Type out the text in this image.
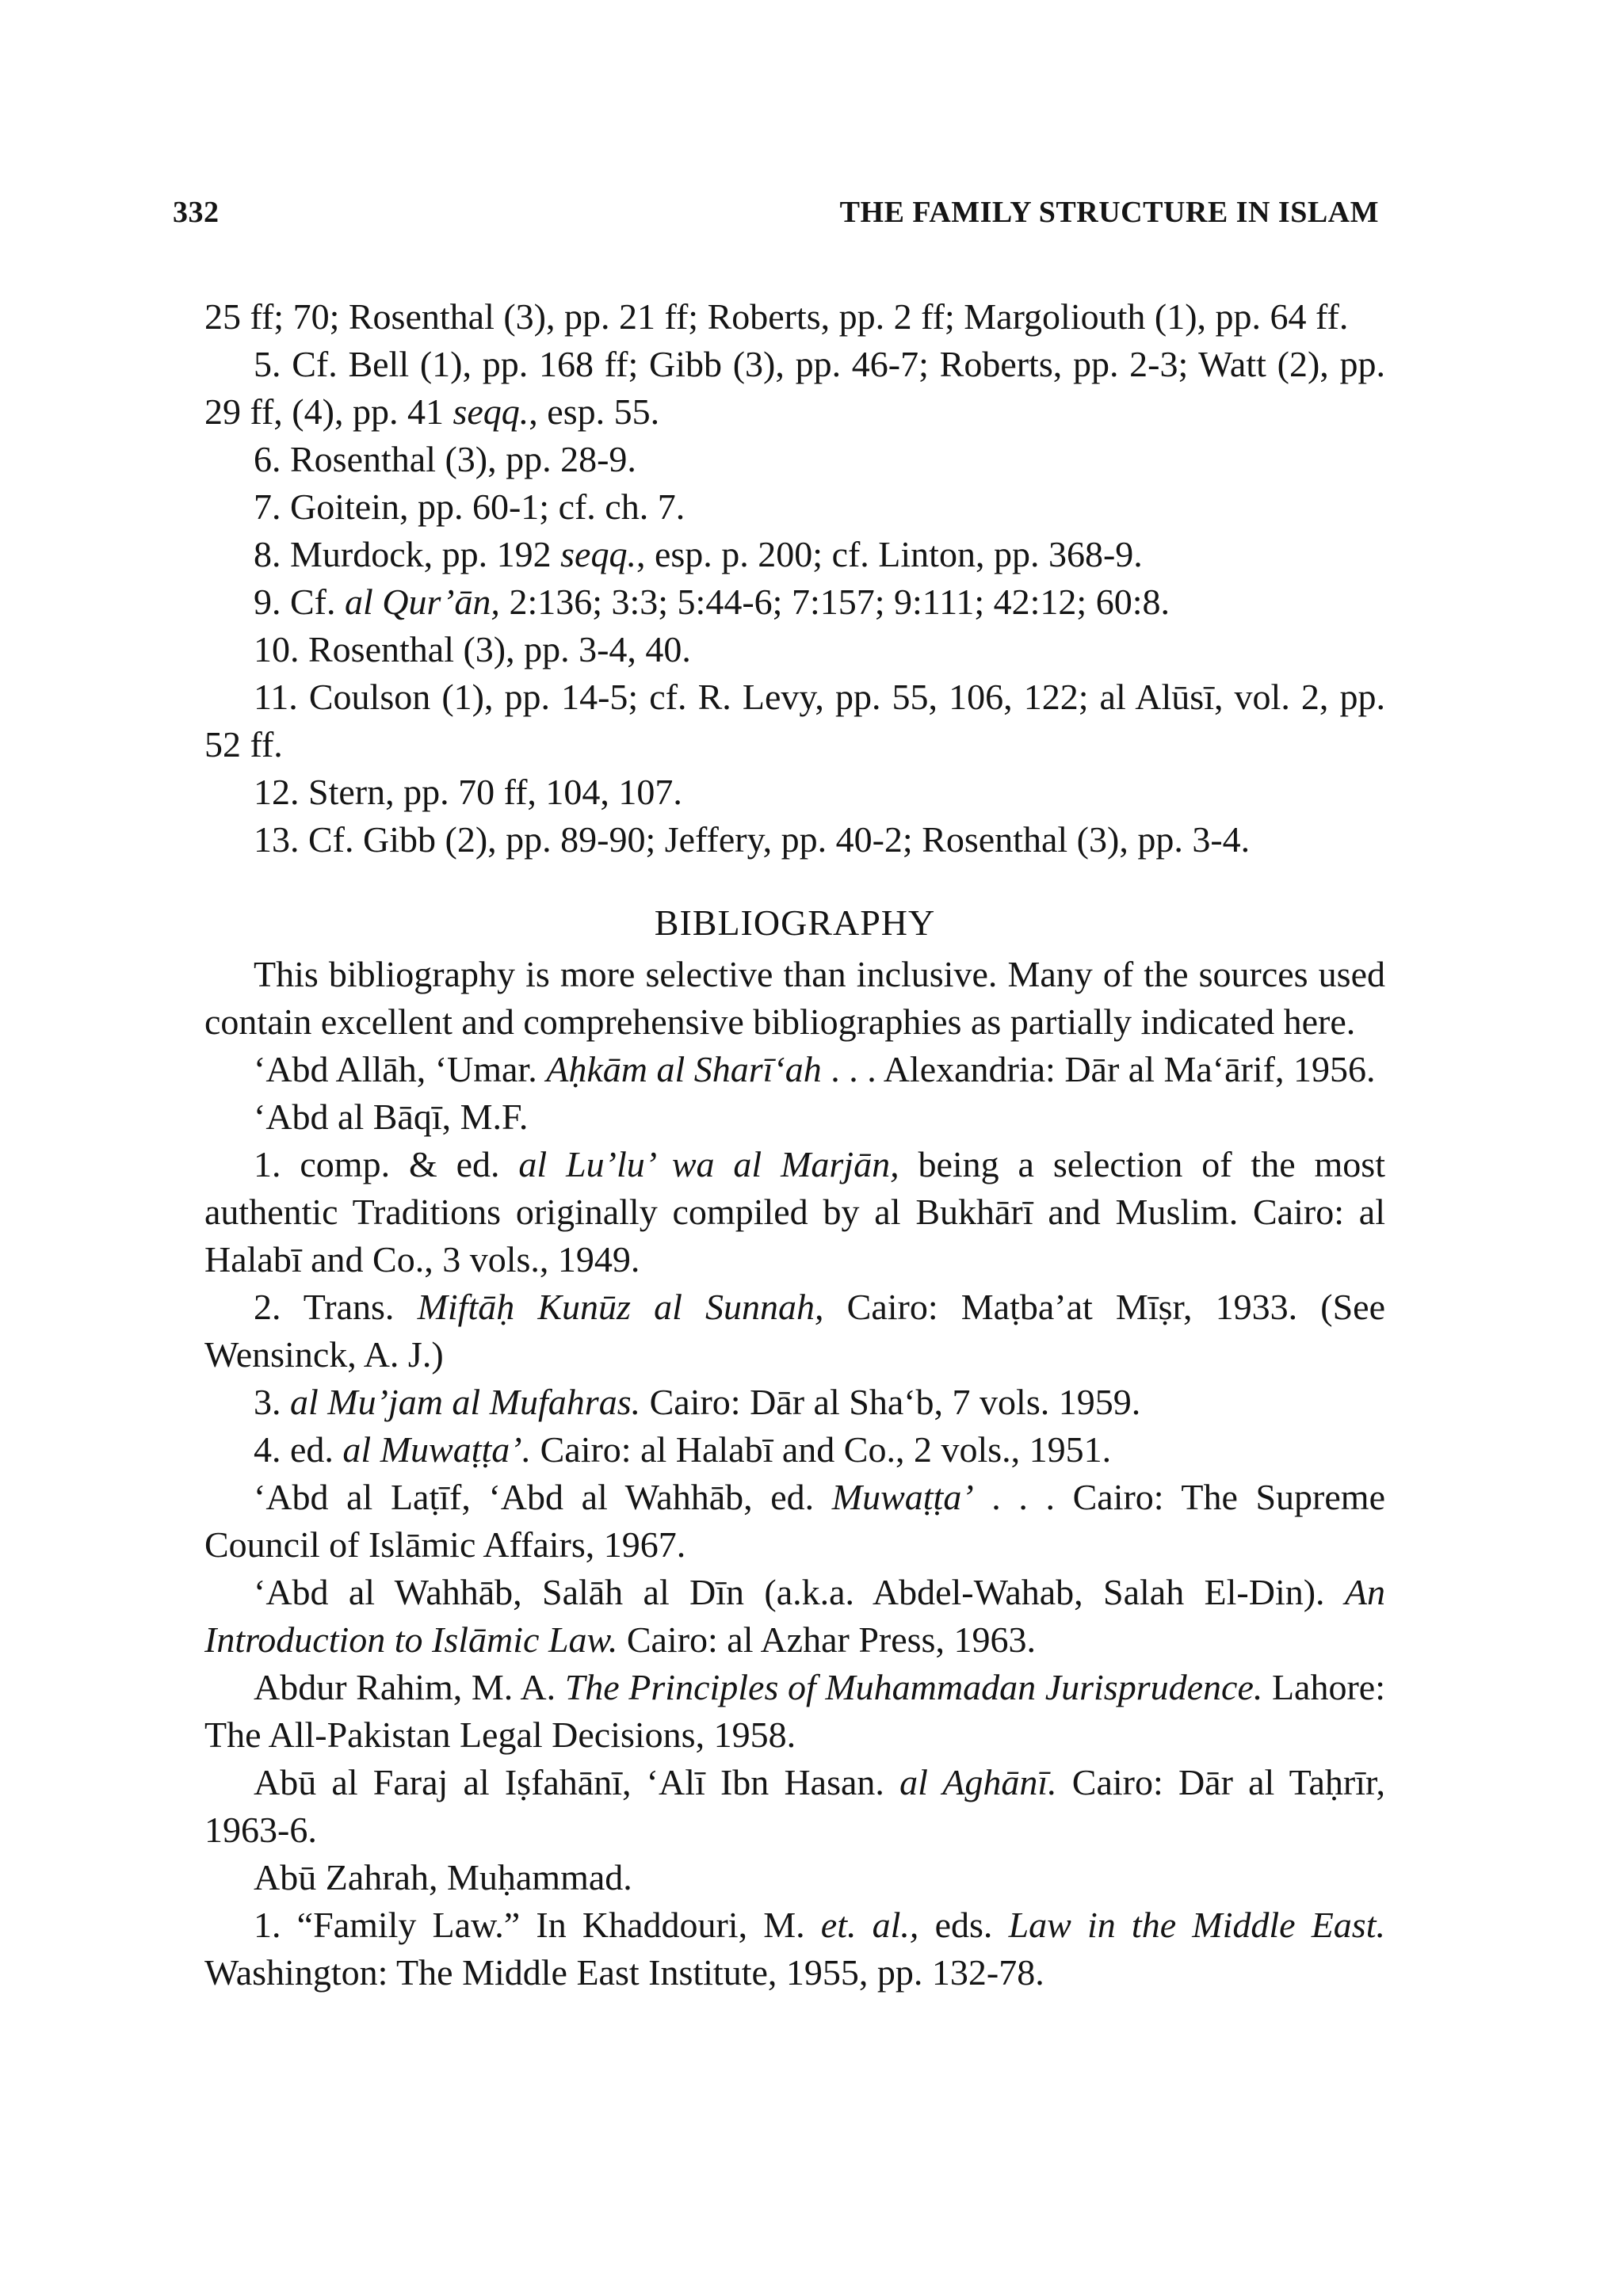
332	THE FAMILY STRUCTURE IN ISLAM

25 ff; 70; Rosenthal (3), pp. 21 ff; Roberts, pp. 2 ff; Margoliouth (1), pp. 64 ff.

5. Cf. Bell (1), pp. 168 ff; Gibb (3), pp. 46-7; Roberts, pp. 2-3; Watt (2), pp. 29 ff, (4), pp. 41 seqq., esp. 55.

6. Rosenthal (3), pp. 28-9.

7. Goitein, pp. 60-1; cf. ch. 7.

8. Murdock, pp. 192 seqq., esp. p. 200; cf. Linton, pp. 368-9.

9. Cf. al Qur’ān, 2:136; 3:3; 5:44-6; 7:157; 9:111; 42:12; 60:8.

10. Rosenthal (3), pp. 3-4, 40.

11. Coulson (1), pp. 14-5; cf. R. Levy, pp. 55, 106, 122; al Alūsī, vol. 2, pp. 52 ff.

12. Stern, pp. 70 ff, 104, 107.

13. Cf. Gibb (2), pp. 89-90; Jeffery, pp. 40-2; Rosenthal (3), pp. 3-4.

BIBLIOGRAPHY

This bibliography is more selective than inclusive. Many of the sources used contain excellent and comprehensive bibliographies as partially indicated here.

‘Abd Allāh, ‘Umar. Aḥkām al Sharī‘ah . . . Alexandria: Dār al Ma‘ārif, 1956.

‘Abd al Bāqī, M.F.

1. comp. & ed. al Lu’lu’ wa al Marjān, being a selection of the most authentic Traditions originally compiled by al Bukhārī and Muslim. Cairo: al Halabī and Co., 3 vols., 1949.

2. Trans. Miftāḥ Kunūz al Sunnah, Cairo: Maṭba’at Mīṣr, 1933. (See Wensinck, A. J.)

3. al Mu’jam al Mufahras. Cairo: Dār al Sha‘b, 7 vols. 1959.

4. ed. al Muwaṭṭa’. Cairo: al Halabī and Co., 2 vols., 1951.

‘Abd al Laṭīf, ‘Abd al Wahhāb, ed. Muwaṭṭa’ . . . Cairo: The Supreme Council of Islāmic Affairs, 1967.

‘Abd al Wahhāb, Salāh al Dīn (a.k.a. Abdel-Wahab, Salah El-Din). An Introduction to Islāmic Law. Cairo: al Azhar Press, 1963.

Abdur Rahim, M. A. The Principles of Muhammadan Jurisprudence. Lahore: The All-Pakistan Legal Decisions, 1958.

Abū al Faraj al Iṣfahānī, ‘Alī Ibn Hasan. al Aghānī. Cairo: Dār al Taḥrīr, 1963-6.

Abū Zahrah, Muḥammad.

1. “Family Law.” In Khaddouri, M. et. al., eds. Law in the Middle East. Washington: The Middle East Institute, 1955, pp. 132-78.
